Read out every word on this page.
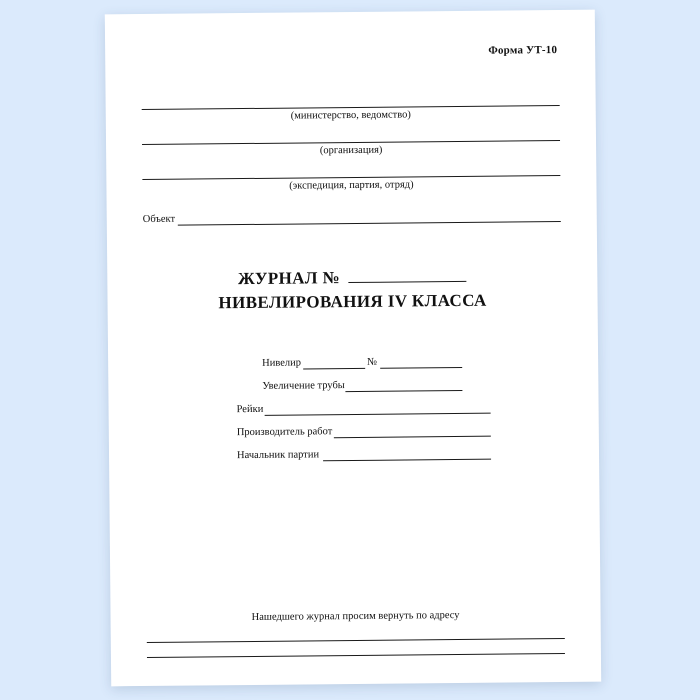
Форма УТ-10
(министерство, ведомство)
(организация)
(экспедиция, партия, отряд)
Объект
ЖУРНАЛ №
НИВЕЛИРОВАНИЯ IV КЛАССА
Нивелир	№
Увеличение трубы
Рейки
Производитель работ
Начальник партии
Нашедшего журнал просим вернуть по адресу
